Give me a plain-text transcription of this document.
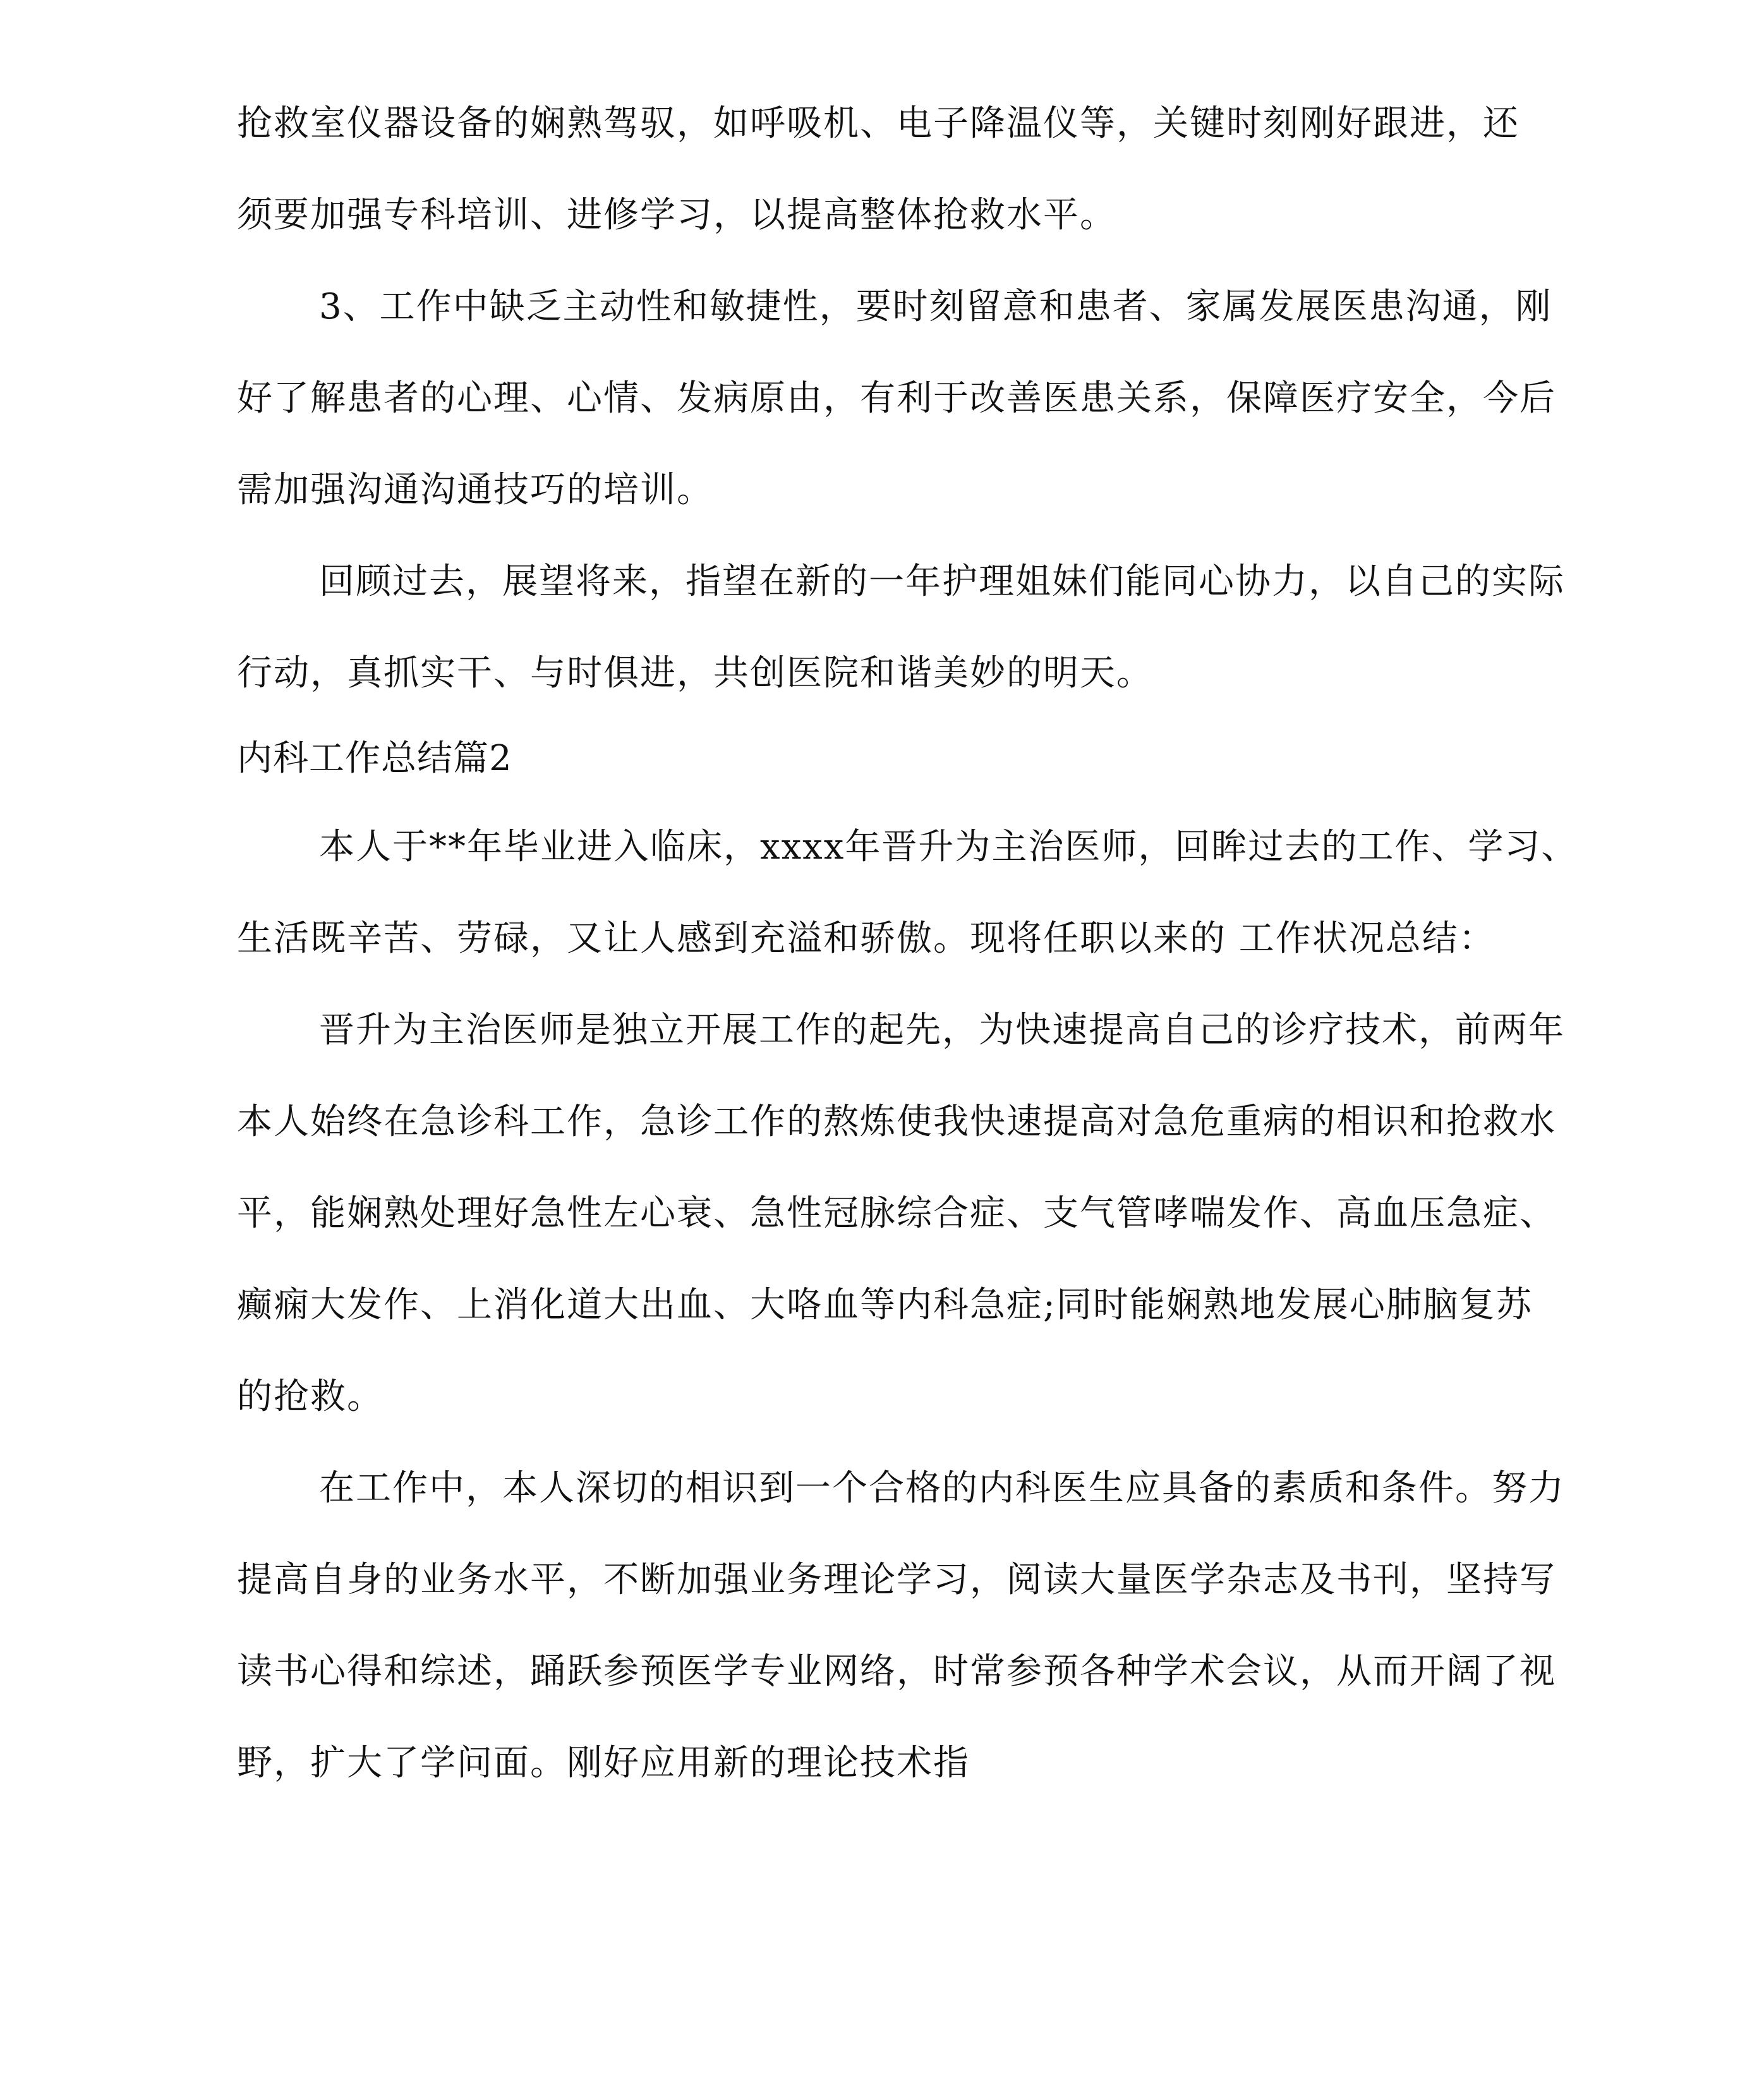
抢救室仪器设备的娴熟驾驭，如呼吸机、电子降温仪等，关键时刻刚好跟进，还
须要加强专科培训、进修学习，以提高整体抢救水平。
3、工作中缺乏主动性和敏捷性，要时刻留意和患者、家属发展医患沟通，刚
好了解患者的心理、心情、发病原由，有利于改善医患关系，保障医疗安全，今后
需加强沟通沟通技巧的培训。
回顾过去，展望将来，指望在新的一年护理姐妹们能同心协力，以自己的实际
行动，真抓实干、与时俱进，共创医院和谐美妙的明天。
内科工作总结篇2
本人于**年毕业进入临床，xxxx年晋升为主治医师，回眸过去的工作、学习、
生活既辛苦、劳碌，又让人感到充溢和骄傲。现将任职以来的 工作状况总结：
晋升为主治医师是独立开展工作的起先，为快速提高自己的诊疗技术，前两年
本人始终在急诊科工作，急诊工作的熬炼使我快速提高对急危重病的相识和抢救水
平，能娴熟处理好急性左心衰、急性冠脉综合症、支气管哮喘发作、高血压急症、
癫痫大发作、上消化道大出血、大咯血等内科急症;同时能娴熟地发展心肺脑复苏
的抢救。
在工作中，本人深切的相识到一个合格的内科医生应具备的素质和条件。努力
提高自身的业务水平，不断加强业务理论学习，阅读大量医学杂志及书刊，坚持写
读书心得和综述，踊跃参预医学专业网络，时常参预各种学术会议，从而开阔了视
野，扩大了学问面。刚好应用新的理论技术指
